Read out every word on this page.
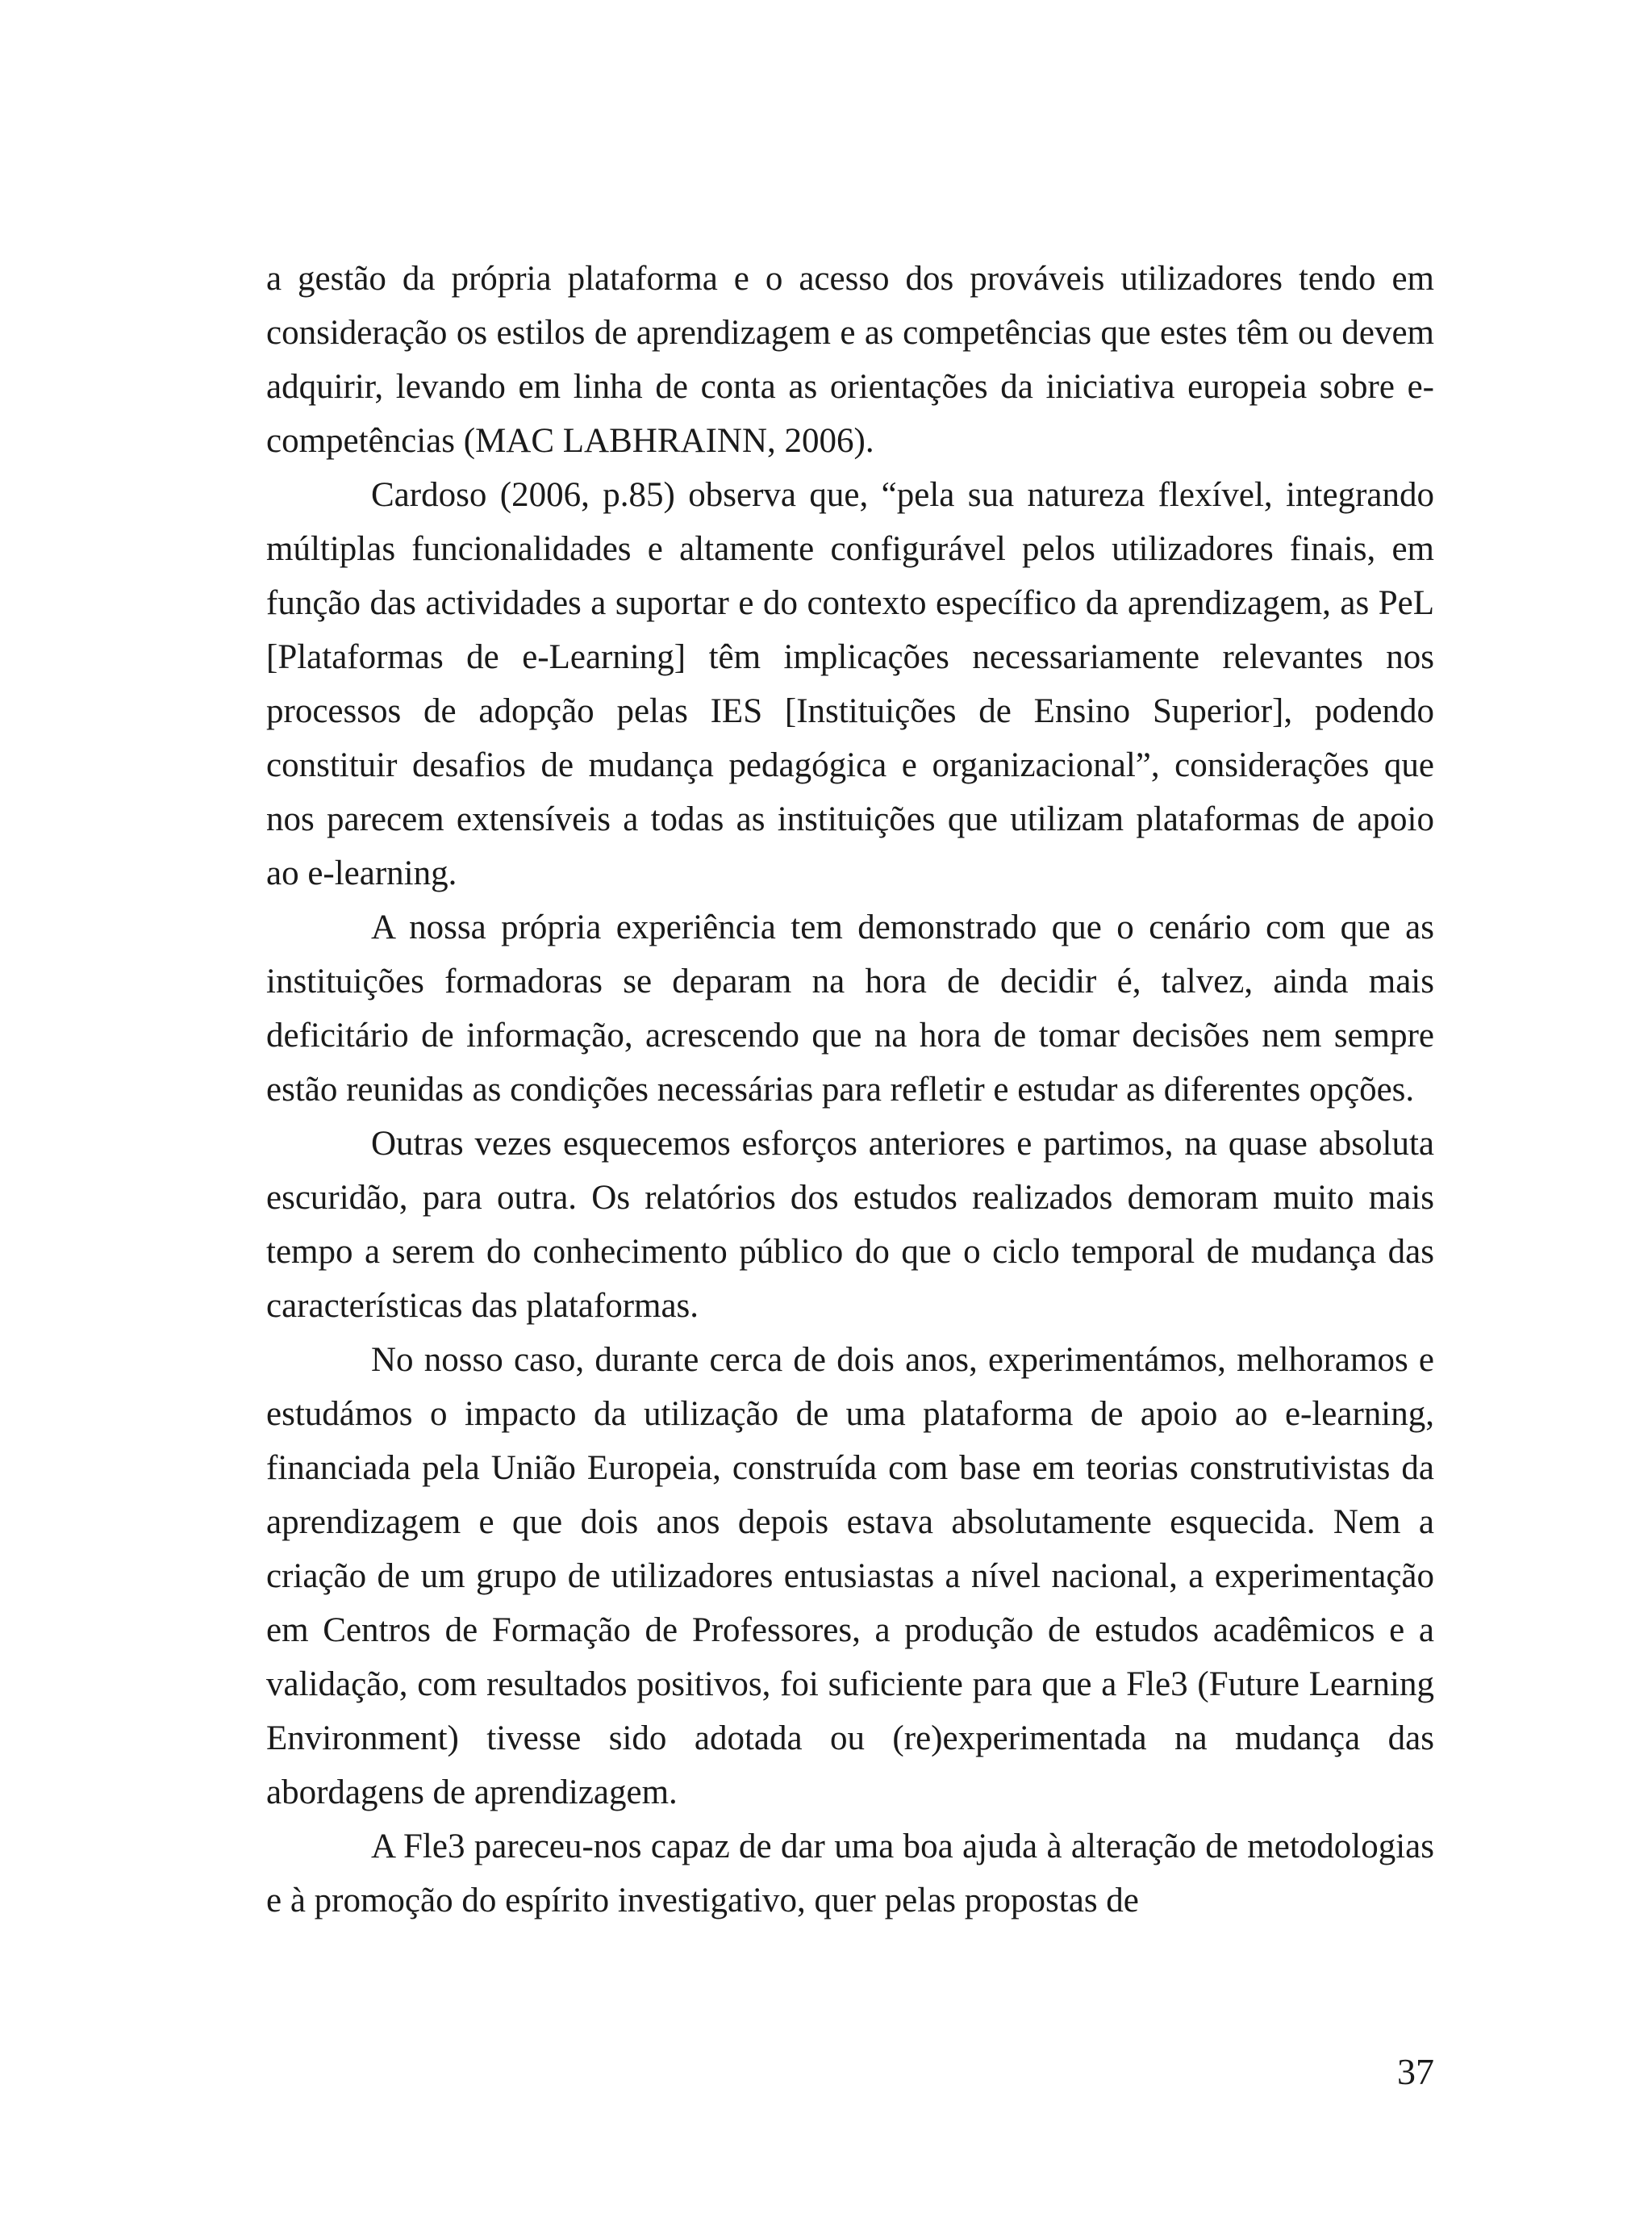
a gestão da própria plataforma e o acesso dos prováveis utilizadores tendo em consideração os estilos de aprendizagem e as competências que estes têm ou devem adquirir, levando em linha de conta as orientações da iniciativa europeia sobre e-competências (MAC LABHRAINN, 2006).

Cardoso (2006, p.85) observa que, “pela sua natureza flexível, integrando múltiplas funcionalidades e altamente configurável pelos utilizadores finais, em função das actividades a suportar e do contexto específico da aprendizagem, as PeL [Plataformas de e-Learning] têm implicações necessariamente relevantes nos processos de adopção pelas IES [Instituições de Ensino Superior], podendo constituir desafios de mudança pedagógica e organizacional”, considerações que nos parecem extensíveis a todas as instituições que utilizam plataformas de apoio ao e-learning.

A nossa própria experiência tem demonstrado que o cenário com que as instituições formadoras se deparam na hora de decidir é, talvez, ainda mais deficitário de informação, acrescendo que na hora de tomar decisões nem sempre estão reunidas as condições necessárias para refletir e estudar as diferentes opções.

Outras vezes esquecemos esforços anteriores e partimos, na quase absoluta escuridão, para outra. Os relatórios dos estudos realizados demoram muito mais tempo a serem do conhecimento público do que o ciclo temporal de mudança das características das plataformas.

No nosso caso, durante cerca de dois anos, experimentámos, melhoramos e estudámos o impacto da utilização de uma plataforma de apoio ao e-learning, financiada pela União Europeia, construída com base em teorias construtivistas da aprendizagem e que dois anos depois estava absolutamente esquecida. Nem a criação de um grupo de utilizadores entusiastas a nível nacional, a experimentação em Centros de Formação de Professores, a produção de estudos acadêmicos e a validação, com resultados positivos, foi suficiente para que a Fle3 (Future Learning Environment) tivesse sido adotada ou (re)experimentada na mudança das abordagens de aprendizagem.

A Fle3 pareceu-nos capaz de dar uma boa ajuda à alteração de metodologias e à promoção do espírito investigativo, quer pelas propostas de

37
